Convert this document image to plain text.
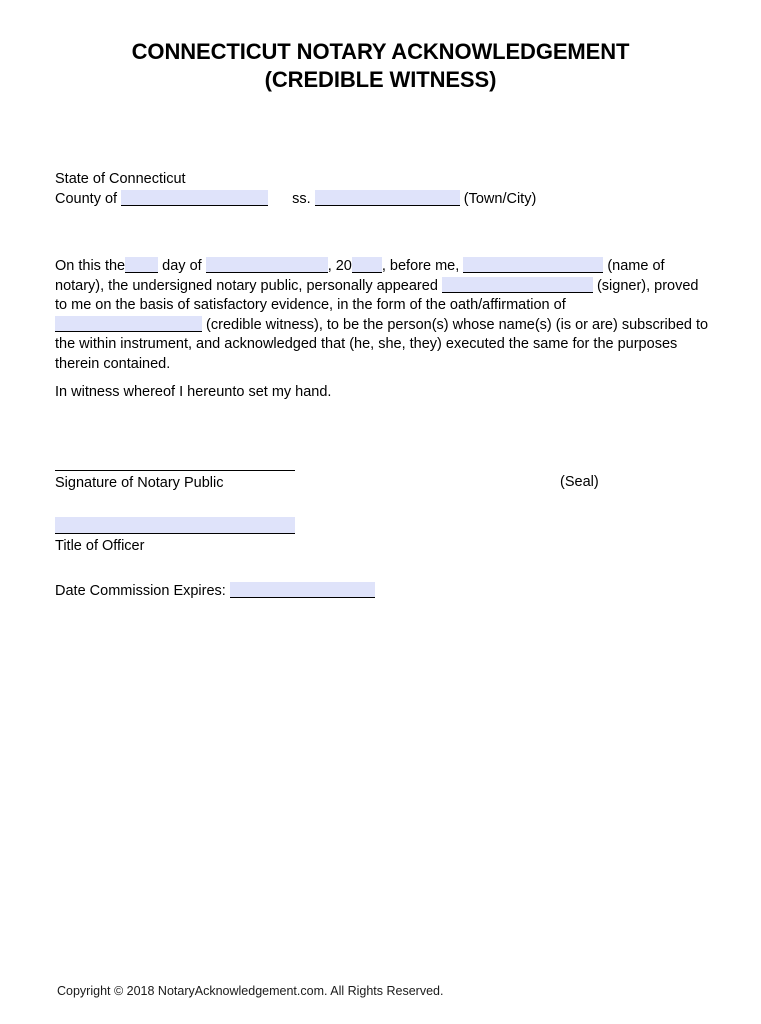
CONNECTICUT NOTARY ACKNOWLEDGEMENT
(CREDIBLE WITNESS)
State of Connecticut
County of	ss.	(Town/City)

On this the	day of	, 20 , before me,	(name of notary), the undersigned notary public, personally appeared	(signer), proved to me on the basis of satisfactory evidence, in the form of the oath/affirmation of  (credible witness), to be the person(s) whose name(s) (is or are) subscribed to the within instrument, and acknowledged that (he, she, they) executed the same for the purposes therein contained.

In witness whereof I hereunto set my hand.
Signature of Notary Public	(Seal)
Title of Officer
Date Commission Expires:
Copyright © 2018 NotaryAcknowledgement.com. All Rights Reserved.
